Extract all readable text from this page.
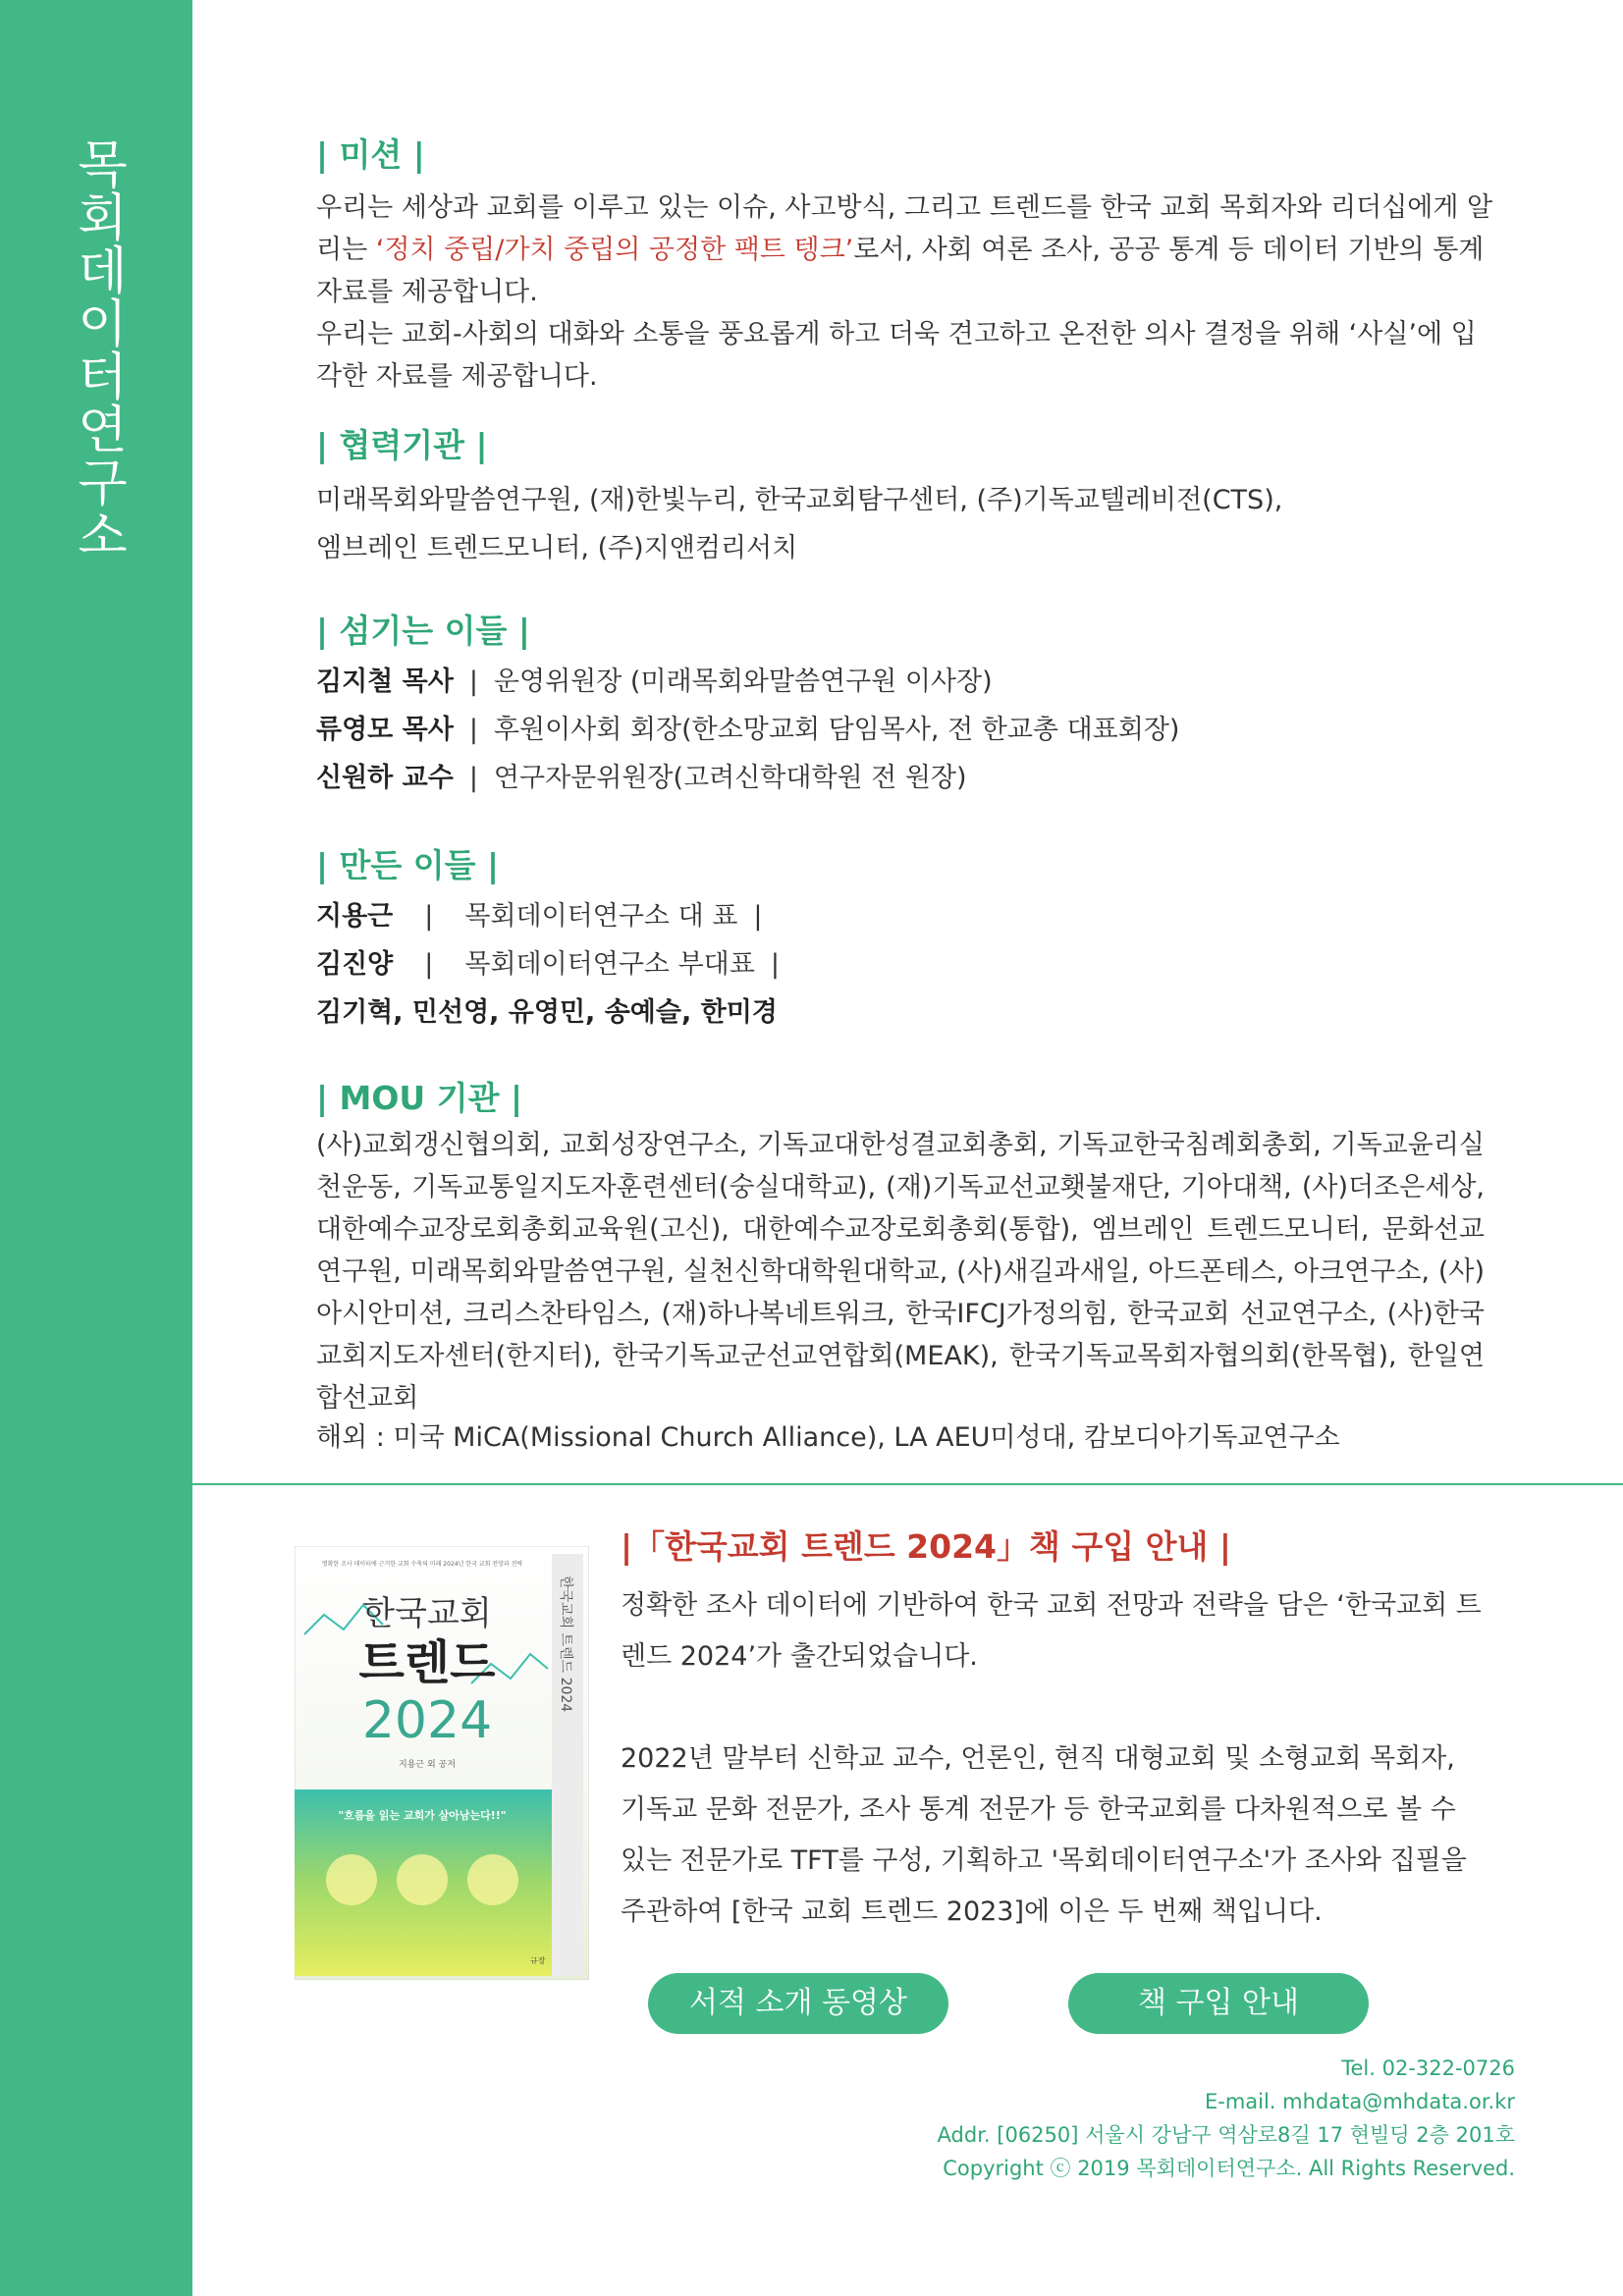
목회데이터연구소	| 미션 |

우리는 세상과 교회를 이루고 있는 이슈, 사고방식, 그리고 트렌드를 한국 교회 목회자와 리더십에게 알리는 ‘정치 중립/가치 중립의 공정한 팩트 텡크’로서, 사회 여론 조사, 공공 통계 등 데이터 기반의 통계 자료를 제공합니다.

우리는 교회-사회의 대화와 소통을 풍요롭게 하고 더욱 견고하고 온전한 의사 결정을 위해 ‘사실’에 입각한 자료를 제공합니다.

| 협력기관 |
미래목회와말씀연구원, (재)한빛누리, 한국교회탐구센터, (주)기독교텔레비전(CTS),
엠브레인 트렌드모니터, (주)지앤컴리서치
| 섬기는 이들 |
김지철 목사 | 운영위원장 (미래목회와말씀연구원 이사장)
류영모 목사 | 후원이사회 회장(한소망교회 담임목사, 전 한교총 대표회장)
신원하 교수 | 연구자문위원장(고려신학대학원 전 원장)
| 만든 이들 |
지용근 | 목회데이터연구소 대 표 |
김진양 | 목회데이터연구소 부대표 |
김기혁, 민선영, 유영민, 송예슬, 한미경
| MOU 기관 |
(사)교회갱신협의회, 교회성장연구소, 기독교대한성결교회총회, 기독교한국침례회총회, 기독교윤리실천운동, 기독교통일지도자훈련센터(숭실대학교), (재)기독교선교횃불재단, 기아대책, (사)더조은세상, 대한예수교장로회총회교육원(고신), 대한예수교장로회총회(통합), 엠브레인 트렌드모니터, 문화선교연구원, 미래목회와말씀연구원, 실천신학대학원대학교, (사)새길과새일, 아드폰테스, 아크연구소, (사)아시안미션, 크리스찬타임스, (재)하나복네트워크, 한국IFCJ가정의힘, 한국교회 선교연구소, (사)한국교회지도자센터(한지터), 한국기독교군선교연합회(MEAK), 한국기독교목회자협의회(한목협), 한일연합선교회
해외 : 미국 MiCA(Missional Church Alliance), LA AEU미성대, 캄보디아기독교연구소
명확한 조사 데이터에 근거한 교회 수축의 미래 2024년 한국 교회 전망과 전략
한국교회
트렌드
2024
지용근 외 공저
"흐름을 읽는 교회가 살아남는다!!"
규장
한국교회 트렌드 2024
|「한국교회 트렌드 2024」책 구입 안내 |

정확한 조사 데이터에 기반하여 한국 교회 전망과 전략을 담은 ‘한국교회 트렌드 2024’가 출간되었습니다.

2022년 말부터 신학교 교수, 언론인, 현직 대형교회 및 소형교회 목회자, 기독교 문화 전문가, 조사 통계 전문가 등 한국교회를 다차원적으로 볼 수 있는 전문가로 TFT를 구성, 기획하고 '목회데이터연구소'가 조사와 집필을 주관하여 [한국 교회 트렌드 2023]에 이은 두 번째 책입니다.

서적 소개 동영상	책 구입 안내
Tel. 02-322-0726
E-mail. mhdata@mhdata.or.kr
Addr. [06250] 서울시 강남구 역삼로8길 17 현빌딩 2층 201호
Copyright ⓒ 2019 목회데이터연구소. All Rights Reserved.
